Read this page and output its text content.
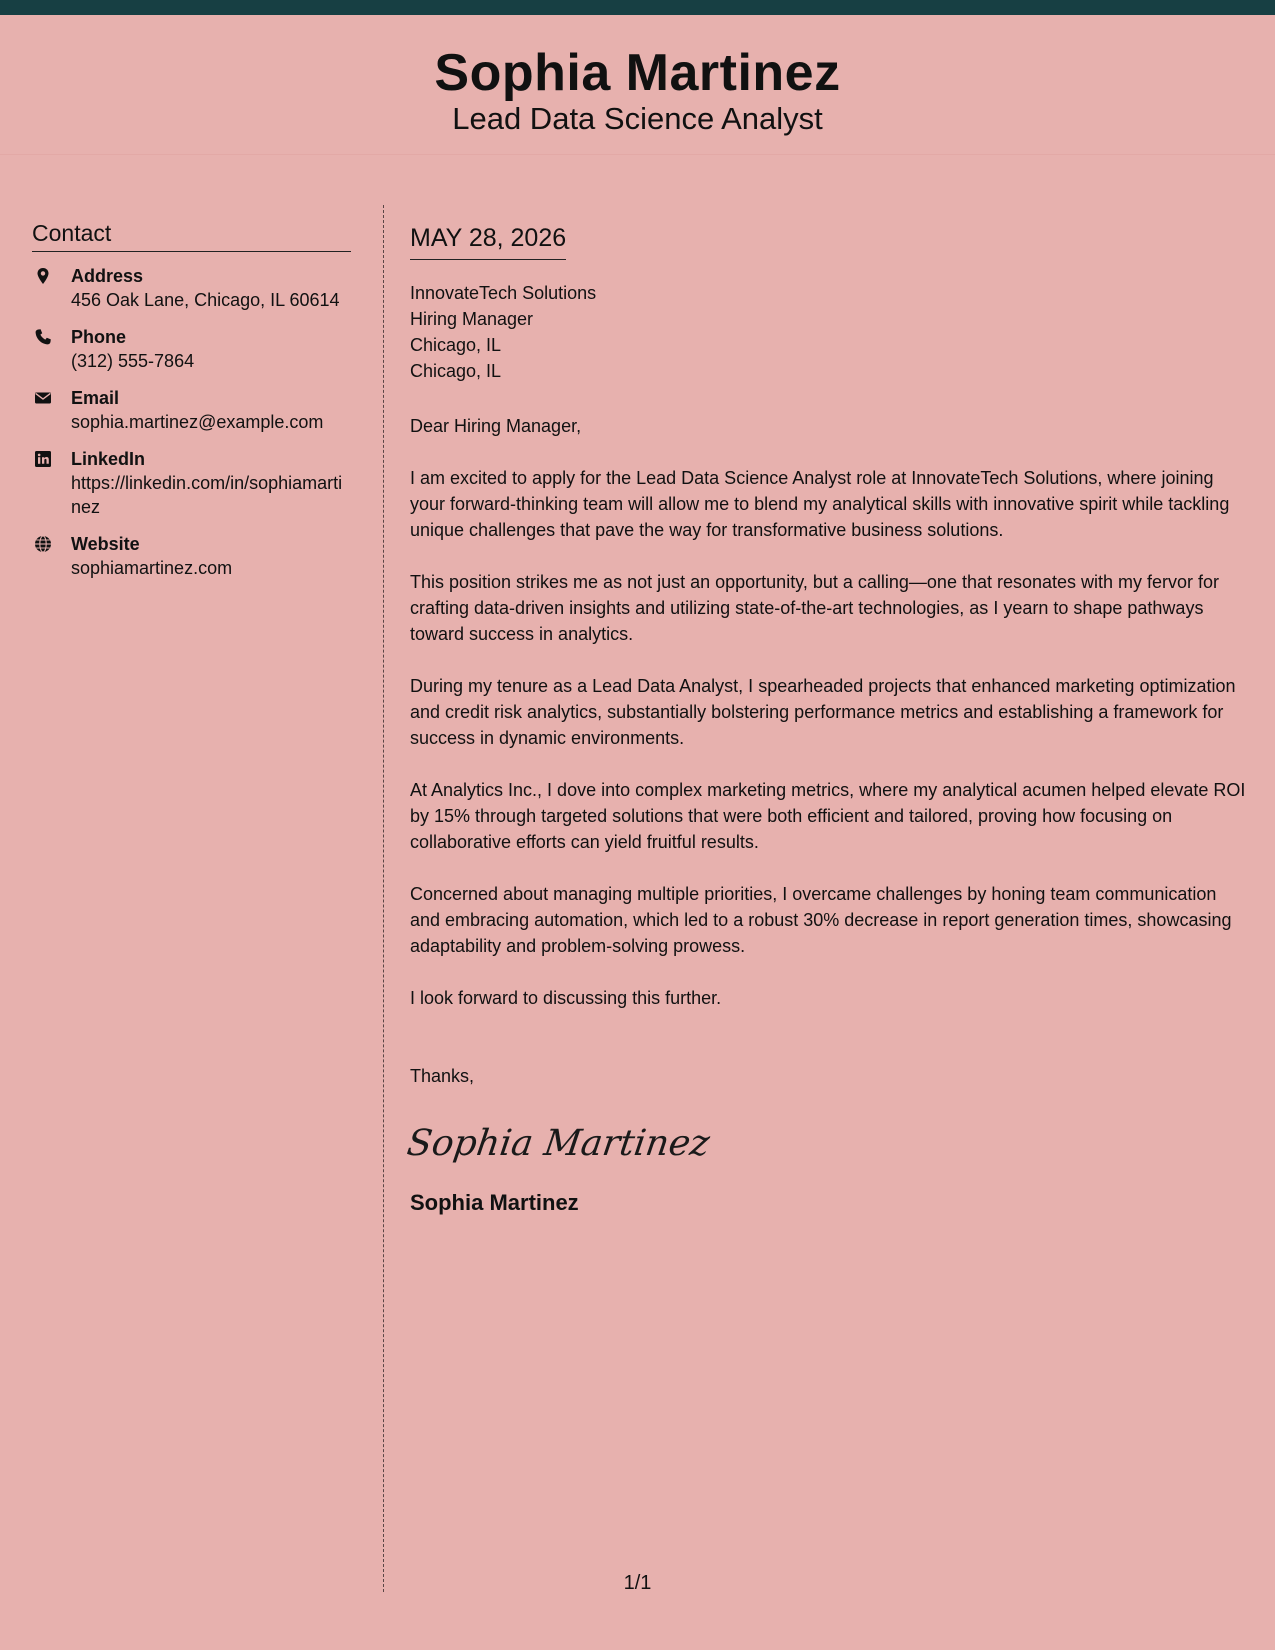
Sophia Martinez
Lead Data Science Analyst
Contact
Address
456 Oak Lane, Chicago, IL 60614
Phone
(312) 555-7864
Email
sophia.martinez@example.com
LinkedIn
https://linkedin.com/in/sophiamartinez
Website
sophiamartinez.com
MAY 28, 2026
InnovateTech Solutions
Hiring Manager
Chicago, IL
Chicago, IL
Dear Hiring Manager,

I am excited to apply for the Lead Data Science Analyst role at InnovateTech Solutions, where joining your forward-thinking team will allow me to blend my analytical skills with innovative spirit while tackling unique challenges that pave the way for transformative business solutions.

This position strikes me as not just an opportunity, but a calling—one that resonates with my fervor for crafting data-driven insights and utilizing state-of-the-art technologies, as I yearn to shape pathways toward success in analytics.

During my tenure as a Lead Data Analyst, I spearheaded projects that enhanced marketing optimization and credit risk analytics, substantially bolstering performance metrics and establishing a framework for success in dynamic environments.

At Analytics Inc., I dove into complex marketing metrics, where my analytical acumen helped elevate ROI by 15% through targeted solutions that were both efficient and tailored, proving how focusing on collaborative efforts can yield fruitful results.

Concerned about managing multiple priorities, I overcame challenges by honing team communication and embracing automation, which led to a robust 30% decrease in report generation times, showcasing adaptability and problem-solving prowess.

I look forward to discussing this further.

Thanks,
Sophia Martinez
Sophia Martinez
1/1
